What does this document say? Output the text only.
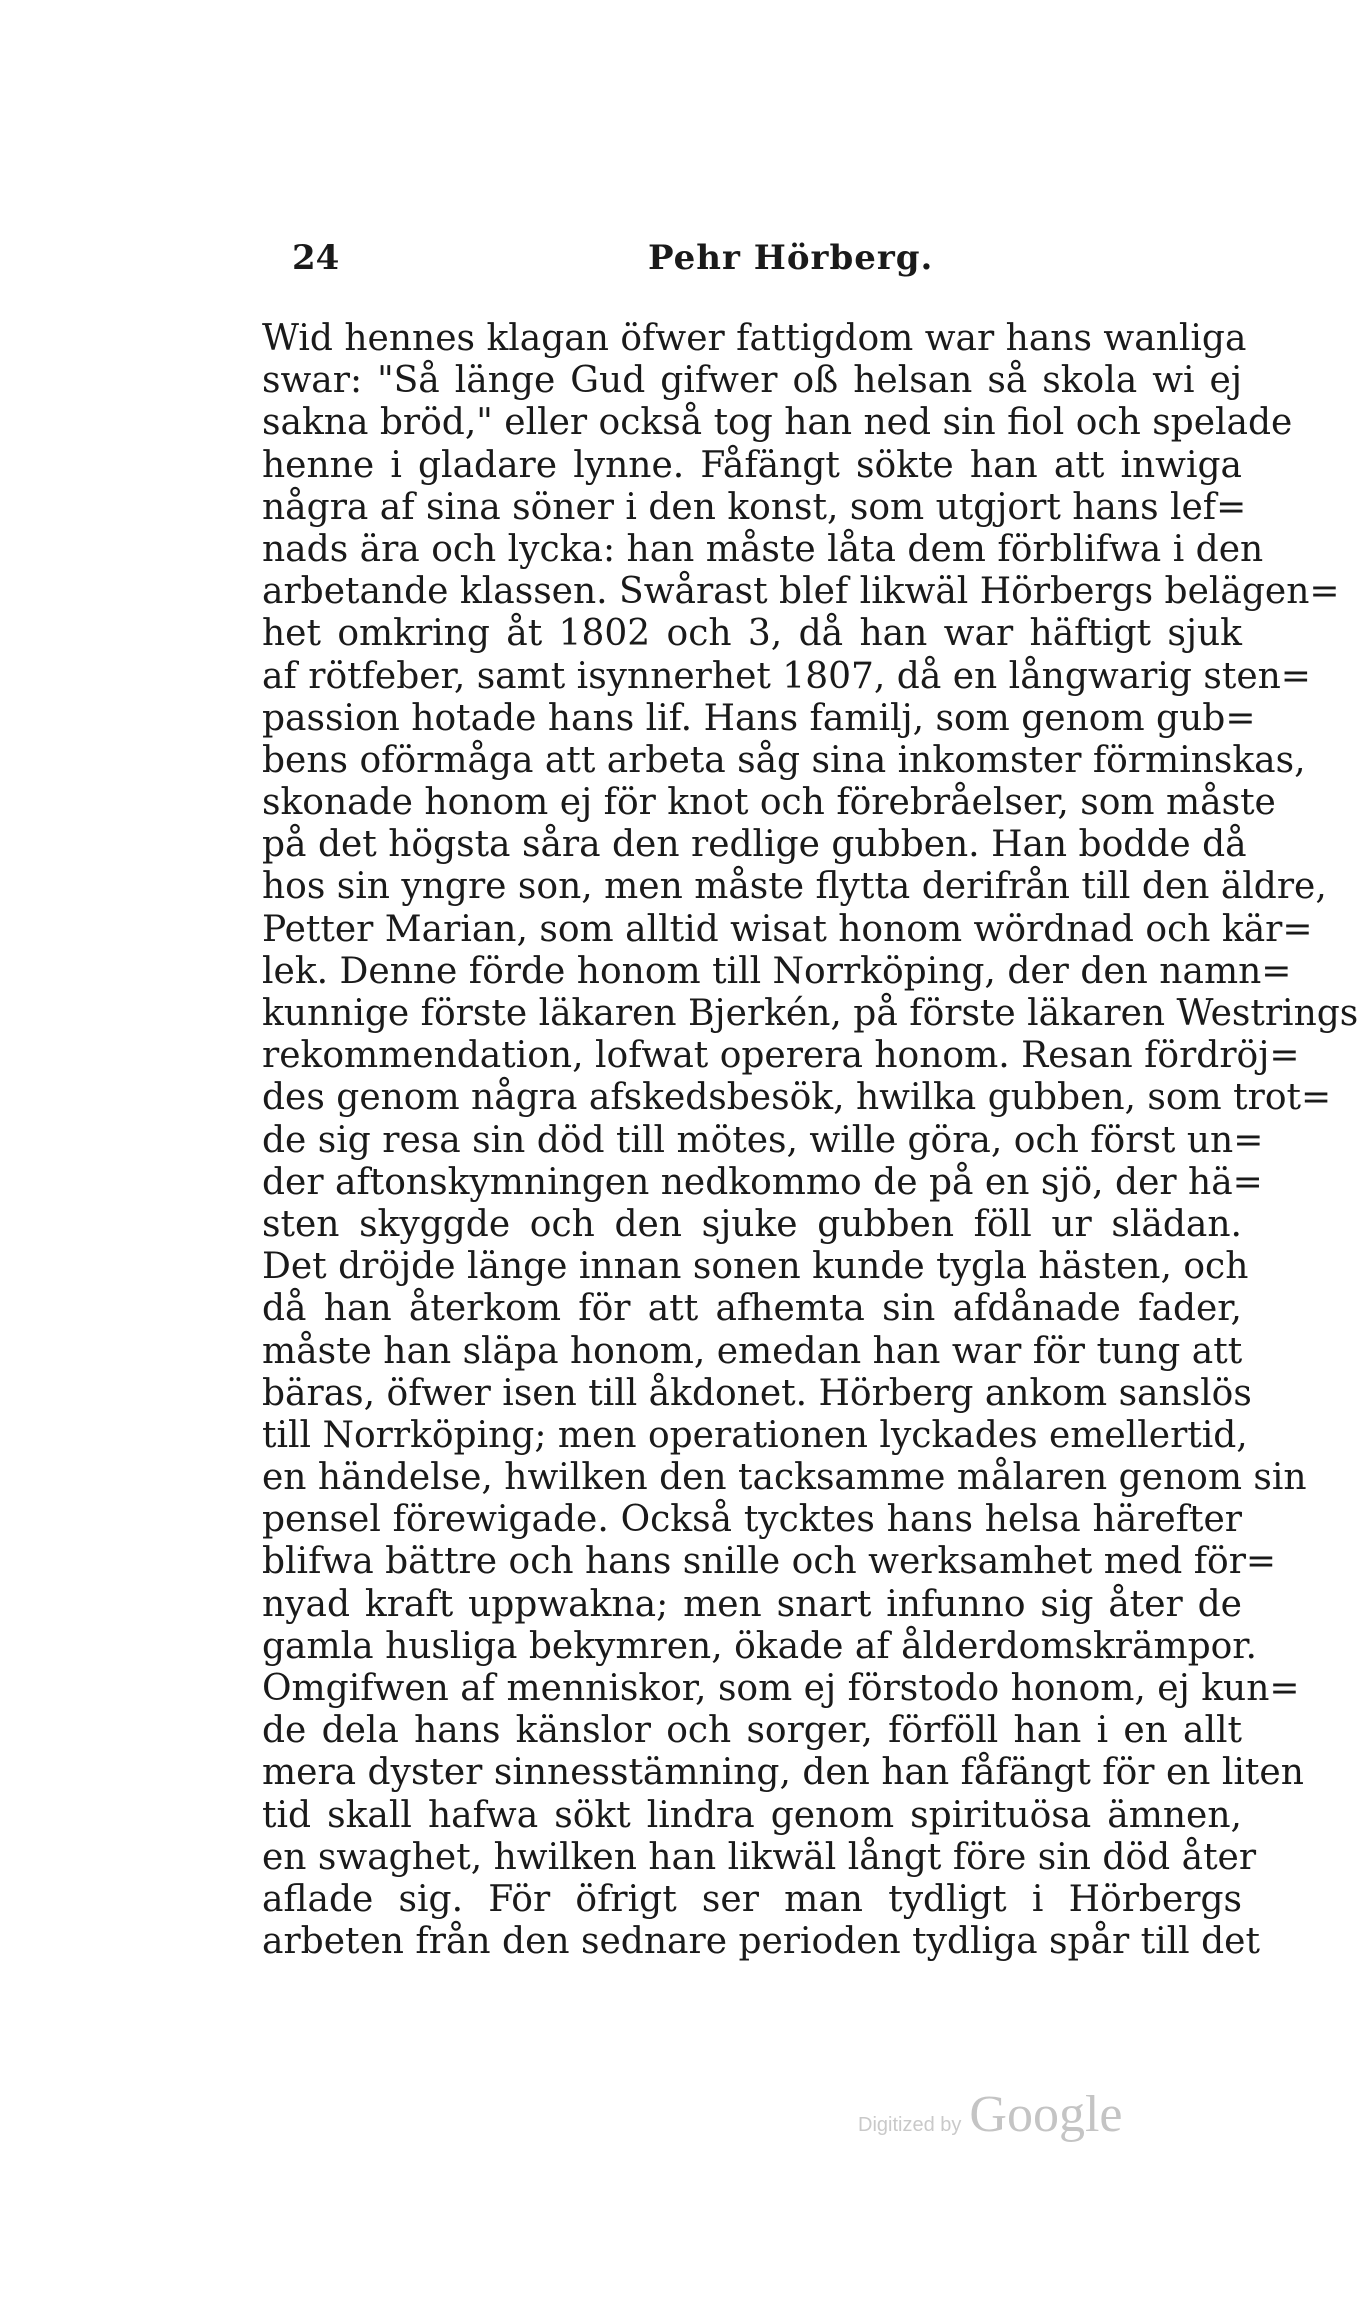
24	Pehr Hörberg.
Wid hennes klagan öfwer fattigdom war hans wanliga
swar: "Så länge Gud gifwer oß helsan så skola wi ej
sakna bröd," eller också tog han ned sin fiol och spelade
henne i gladare lynne. Fåfängt sökte han att inwiga
några af sina söner i den konst, som utgjort hans lef=
nads ära och lycka: han måste låta dem förblifwa i den
arbetande klassen. Swårast blef likwäl Hörbergs belägen=
het omkring åt 1802 och 3, då han war häftigt sjuk
af rötfeber, samt isynnerhet 1807, då en långwarig sten=
passion hotade hans lif. Hans familj, som genom gub=
bens oförmåga att arbeta såg sina inkomster förminskas,
skonade honom ej för knot och förebråelser, som måste
på det högsta såra den redlige gubben. Han bodde då
hos sin yngre son, men måste flytta derifrån till den äldre,
Petter Marian, som alltid wisat honom wördnad och kär=
lek. Denne förde honom till Norrköping, der den namn=
kunnige förste läkaren Bjerkén, på förste läkaren Westrings
rekommendation, lofwat operera honom. Resan fördröj=
des genom några afskedsbesök, hwilka gubben, som trot=
de sig resa sin död till mötes, wille göra, och först un=
der aftonskymningen nedkommo de på en sjö, der hä=
sten skyggde och den sjuke gubben föll ur slädan.
Det dröjde länge innan sonen kunde tygla hästen, och
då han återkom för att afhemta sin afdånade fader,
måste han släpa honom, emedan han war för tung att
bäras, öfwer isen till åkdonet. Hörberg ankom sanslös
till Norrköping; men operationen lyckades emellertid,
en händelse, hwilken den tacksamme målaren genom sin
pensel förewigade. Också tycktes hans helsa härefter
blifwa bättre och hans snille och werksamhet med för=
nyad kraft uppwakna; men snart infunno sig åter de
gamla husliga bekymren, ökade af ålderdomskrämpor.
Omgifwen af menniskor, som ej förstodo honom, ej kun=
de dela hans känslor och sorger, förföll han i en allt
mera dyster sinnesstämning, den han fåfängt för en liten
tid skall hafwa sökt lindra genom spirituösa ämnen,
en swaghet, hwilken han likwäl långt före sin död åter
aflade sig. För öfrigt ser man tydligt i Hörbergs
arbeten från den sednare perioden tydliga spår till det
Digitized by Google
